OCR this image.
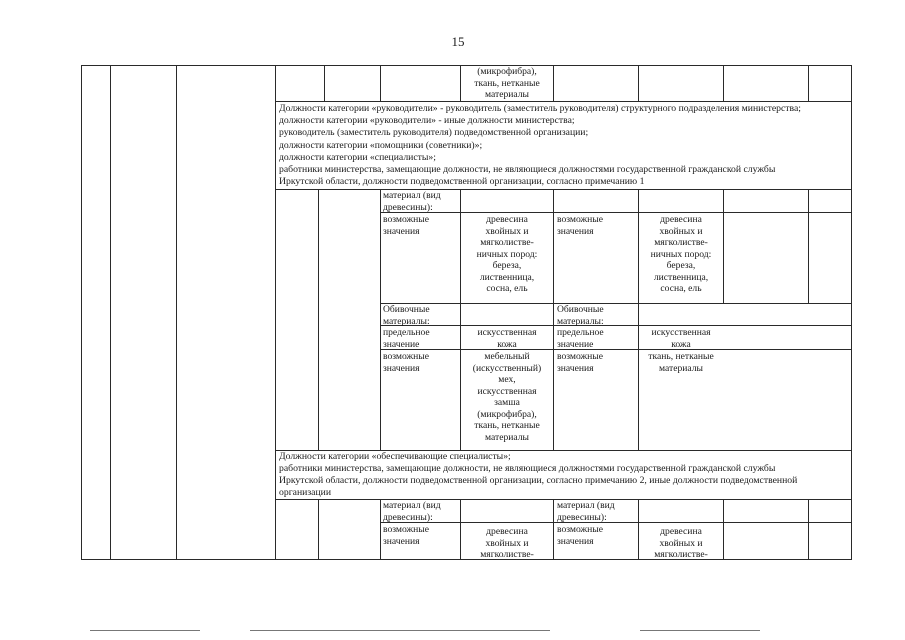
15
(микрофибра),
ткань, нетканые
материалы
Должности категории «руководители» - руководитель (заместитель руководителя) структурного подразделения министерства;
должности категории «руководители» - иные должности министерства;
руководитель (заместитель руководителя) подведомственной организации;
должности категории «помощники (советники)»;
должности категории «специалисты»;
работники министерства, замещающие должности, не являющиеся должностями государственной гражданской службы
Иркутской области, должности подведомственной организации, согласно примечанию 1
материал (вид
древесины):
возможные
значения
древесина
хвойных и
мягколистве-
ничных пород:
береза,
лиственница,
сосна, ель
возможные
значения
древесина
хвойных и
мягколистве-
ничных пород:
береза,
лиственница,
сосна, ель
Обивочные
материалы:
Обивочные
материалы:
предельное
значение
искусственная
кожа
предельное
значение
искусственная
кожа
возможные
значения
мебельный
(искусственный)
мех,
искусственная
замша
(микрофибра),
ткань, нетканые
материалы
возможные
значения
ткань, нетканые
материалы
Должности категории «обеспечивающие специалисты»;
работники министерства, замещающие должности, не являющиеся должностями государственной гражданской службы
Иркутской области, должности подведомственной организации, согласно примечанию 2, иные должности подведомственной
организации
материал (вид
древесины):
материал (вид
древесины):
возможные
значения
древесина
хвойных и
мягколистве-
возможные
значения
древесина
хвойных и
мягколистве-
